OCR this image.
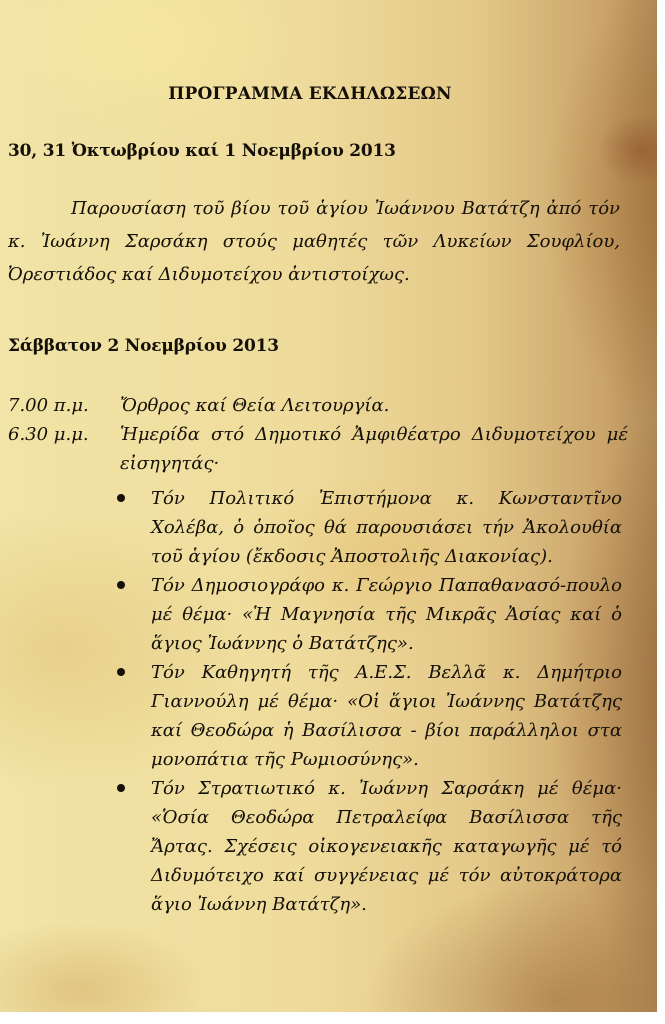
ΠΡΟΓΡΑΜΜΑ ΕΚΔΗΛΩΣΕΩΝ
30, 31 Ὀκτωβρίου καί 1 Νοεμβρίου 2013

Παρουσίαση τοῦ βίου τοῦ ἁγίου Ἰωάννου Βατάτζη ἀπό τόν κ. Ἰωάννη Σαρσάκη στούς μαθητές τῶν Λυκείων Σουφλίου, Ὀρεστιάδος καί Διδυμοτείχου ἀντιστοίχως.

Σάββατον 2 Νοεμβρίου 2013
7.00 π.μ.	Ὄρθρος καί Θεία Λειτουργία.
6.30 μ.μ.	Ἡμερίδα στό Δημοτικό Ἀμφιθέατρο Διδυμοτείχου μέ εἰσηγητάς·
Τόν Πολιτικό Ἐπιστήμονα κ. Κωνσταντῖνο Χολέβα, ὁ ὁποῖος θά παρουσιάσει τήν Ἀκολουθία τοῦ ἁγίου (ἔκδοσις Ἀποστολιῆς Διακονίας).
Τόν Δημοσιογράφο κ. Γεώργιο Παπαθανασό-πουλο μέ θέμα· «Ἡ Μαγνησία τῆς Μικρᾶς Ἀσίας καί ὁ ἅγιος Ἰωάννης ὁ Βατάτζης».
Τόν Καθηγητή τῆς Α.Ε.Σ. Βελλᾶ κ. Δημήτριο Γιαννούλη μέ θέμα· «Οἱ ἅγιοι Ἰωάννης Βατάτζης καί Θεοδώρα ἡ Βασίλισσα - βίοι παράλληλοι στα μονοπάτια τῆς Ρωμιοσύνης».
Τόν Στρατιωτικό κ. Ἰωάννη Σαρσάκη μέ θέμα· «Ὁσία Θεοδώρα Πετραλείφα Βασίλισσα τῆς Ἄρτας. Σχέσεις οἰκογενειακῆς καταγωγῆς μέ τό Διδυμότειχο καί συγγένειας μέ τόν αὐτοκράτορα ἅγιο Ἰωάννη Βατάτζη».
